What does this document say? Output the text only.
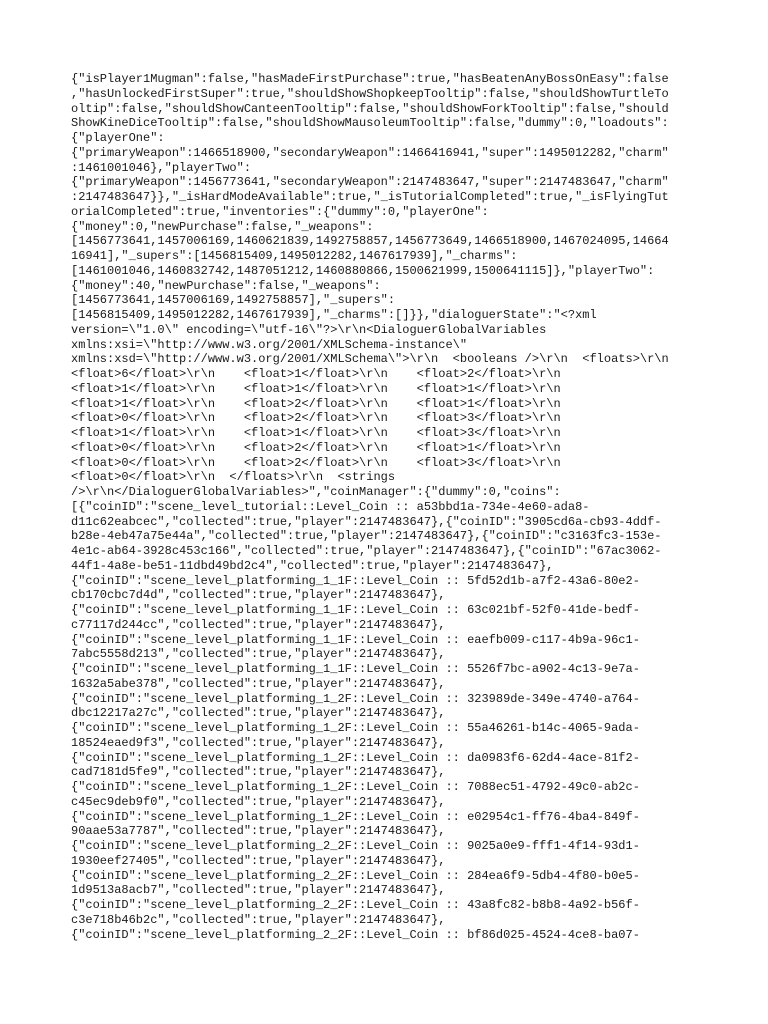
{"isPlayer1Mugman":false,"hasMadeFirstPurchase":true,"hasBeatenAnyBossOnEasy":false
,"hasUnlockedFirstSuper":true,"shouldShowShopkeepTooltip":false,"shouldShowTurtleTo
oltip":false,"shouldShowCanteenTooltip":false,"shouldShowForkTooltip":false,"should
ShowKineDiceTooltip":false,"shouldShowMausoleumTooltip":false,"dummy":0,"loadouts":
{"playerOne":
{"primaryWeapon":1466518900,"secondaryWeapon":1466416941,"super":1495012282,"charm"
:1461001046},"playerTwo":
{"primaryWeapon":1456773641,"secondaryWeapon":2147483647,"super":2147483647,"charm"
:2147483647}},"_isHardModeAvailable":true,"_isTutorialCompleted":true,"_isFlyingTut
orialCompleted":true,"inventories":{"dummy":0,"playerOne":
{"money":0,"newPurchase":false,"_weapons":
[1456773641,1457006169,1460621839,1492758857,1456773649,1466518900,1467024095,14664
16941],"_supers":[1456815409,1495012282,1467617939],"_charms":
[1461001046,1460832742,1487051212,1460880866,1500621999,1500641115]},"playerTwo":
{"money":40,"newPurchase":false,"_weapons":
[1456773641,1457006169,1492758857],"_supers":
[1456815409,1495012282,1467617939],"_charms":[]}},"dialoguerState":"<?xml
version=\"1.0\" encoding=\"utf-16\"?>\r\n<DialoguerGlobalVariables
xmlns:xsi=\"http://www.w3.org/2001/XMLSchema-instance\"
xmlns:xsd=\"http://www.w3.org/2001/XMLSchema\">\r\n  <booleans />\r\n  <floats>\r\n
<float>6</float>\r\n    <float>1</float>\r\n    <float>2</float>\r\n
<float>1</float>\r\n    <float>1</float>\r\n    <float>1</float>\r\n
<float>1</float>\r\n    <float>2</float>\r\n    <float>1</float>\r\n
<float>0</float>\r\n    <float>2</float>\r\n    <float>3</float>\r\n
<float>1</float>\r\n    <float>1</float>\r\n    <float>3</float>\r\n
<float>0</float>\r\n    <float>2</float>\r\n    <float>1</float>\r\n
<float>0</float>\r\n    <float>2</float>\r\n    <float>3</float>\r\n
<float>0</float>\r\n  </floats>\r\n  <strings
/>\r\n</DialoguerGlobalVariables>","coinManager":{"dummy":0,"coins":
[{"coinID":"scene_level_tutorial::Level_Coin :: a53bbd1a-734e-4e60-ada8-
d11c62eabcec","collected":true,"player":2147483647},{"coinID":"3905cd6a-cb93-4ddf-
b28e-4eb47a75e44a","collected":true,"player":2147483647},{"coinID":"c3163fc3-153e-
4e1c-ab64-3928c453c166","collected":true,"player":2147483647},{"coinID":"67ac3062-
44f1-4a8e-be51-11dbd49bd2c4","collected":true,"player":2147483647},
{"coinID":"scene_level_platforming_1_1F::Level_Coin :: 5fd52d1b-a7f2-43a6-80e2-
cb170cbc7d4d","collected":true,"player":2147483647},
{"coinID":"scene_level_platforming_1_1F::Level_Coin :: 63c021bf-52f0-41de-bedf-
c77117d244cc","collected":true,"player":2147483647},
{"coinID":"scene_level_platforming_1_1F::Level_Coin :: eaefb009-c117-4b9a-96c1-
7abc5558d213","collected":true,"player":2147483647},
{"coinID":"scene_level_platforming_1_1F::Level_Coin :: 5526f7bc-a902-4c13-9e7a-
1632a5abe378","collected":true,"player":2147483647},
{"coinID":"scene_level_platforming_1_2F::Level_Coin :: 323989de-349e-4740-a764-
dbc12217a27c","collected":true,"player":2147483647},
{"coinID":"scene_level_platforming_1_2F::Level_Coin :: 55a46261-b14c-4065-9ada-
18524eaed9f3","collected":true,"player":2147483647},
{"coinID":"scene_level_platforming_1_2F::Level_Coin :: da0983f6-62d4-4ace-81f2-
cad7181d5fe9","collected":true,"player":2147483647},
{"coinID":"scene_level_platforming_1_2F::Level_Coin :: 7088ec51-4792-49c0-ab2c-
c45ec9deb9f0","collected":true,"player":2147483647},
{"coinID":"scene_level_platforming_1_2F::Level_Coin :: e02954c1-ff76-4ba4-849f-
90aae53a7787","collected":true,"player":2147483647},
{"coinID":"scene_level_platforming_2_2F::Level_Coin :: 9025a0e9-fff1-4f14-93d1-
1930eef27405","collected":true,"player":2147483647},
{"coinID":"scene_level_platforming_2_2F::Level_Coin :: 284ea6f9-5db4-4f80-b0e5-
1d9513a8acb7","collected":true,"player":2147483647},
{"coinID":"scene_level_platforming_2_2F::Level_Coin :: 43a8fc82-b8b8-4a92-b56f-
c3e718b46b2c","collected":true,"player":2147483647},
{"coinID":"scene_level_platforming_2_2F::Level_Coin :: bf86d025-4524-4ce8-ba07-
